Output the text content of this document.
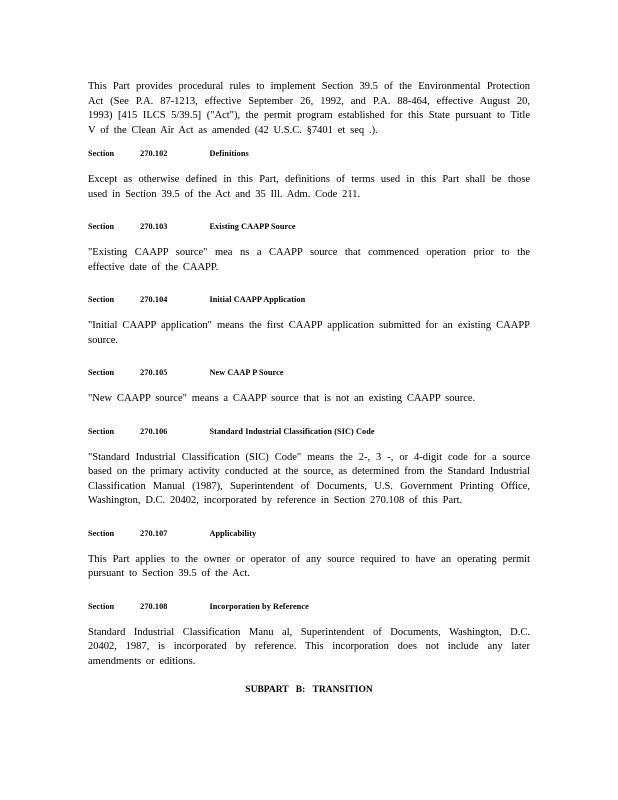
This Part provides procedural rules to implement Section 39.5 of the Environmental Protection Act (See P.A. 87-1213, effective September 26, 1992, and P.A. 88-464, effective August 20, 1993) [415 ILCS 5/39.5] ("Act"), the permit program established for this State pursuant to Title V of the Clean Air Act as amended (42 U.S.C. §7401 et seq .).

Section	270.102	Definitions

Except as otherwise defined in this Part, definitions of terms used in this Part shall be those used in Section 39.5 of the Act and 35 Ill. Adm. Code 211.

Section	270.103	Existing CAAPP Source

"Existing CAAPP source" mea ns a CAAPP source that commenced operation prior to the effective date of the CAAPP.

Section	270.104	Initial CAAPP Application

"Initial CAAPP application" means the first CAAPP application submitted for an existing CAAPP source.

Section	270.105	New CAAP P Source

"New CAAPP source" means a CAAPP source that is not an existing CAAPP source.

Section	270.106	Standard Industrial Classification (SIC) Code

"Standard Industrial Classification (SIC) Code" means the 2-, 3 -, or 4-digit code for a source based on the primary activity conducted at the source, as determined from the Standard Industrial Classification Manual (1987), Superintendent of Documents, U.S. Government Printing Office, Washington, D.C. 20402, incorporated by reference in Section 270.108 of this Part.

Section	270.107	Applicability

This Part applies to the owner or operator of any source required to have an operating permit pursuant to Section 39.5 of the Act.

Section	270.108	Incorporation by Reference

Standard Industrial Classification Manu al, Superintendent of Documents, Washington, D.C. 20402, 1987, is incorporated by reference. This incorporation does not include any later amendments or editions.

SUBPART B: TRANSITION
